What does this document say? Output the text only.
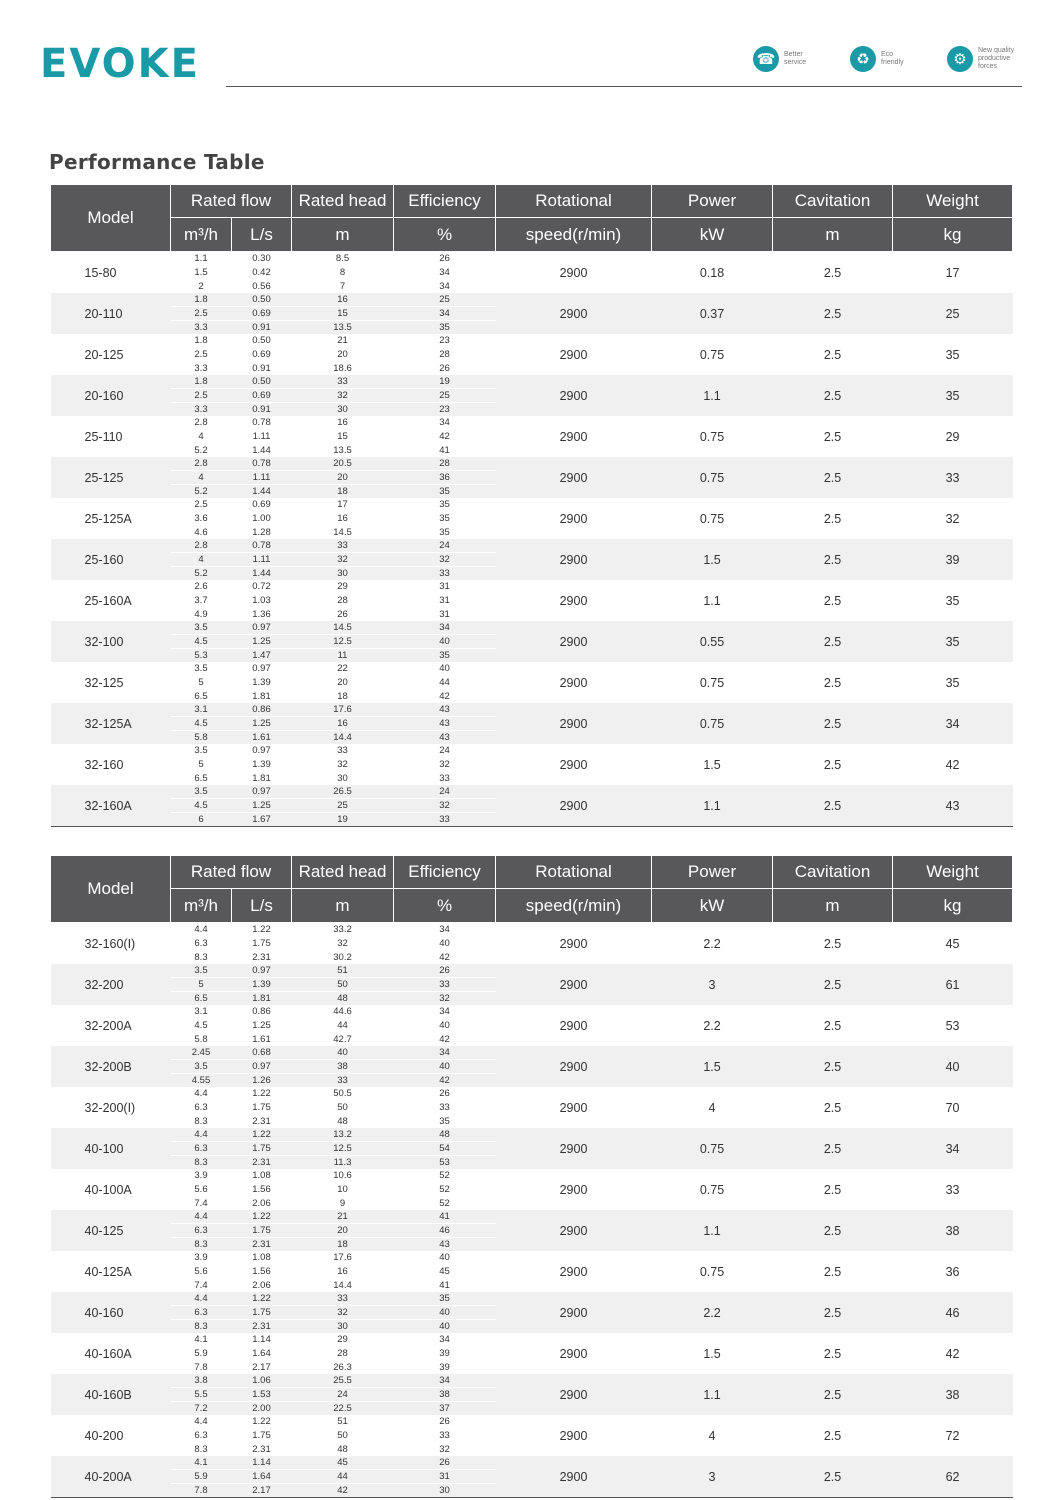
EVOKE	☎	Better
service	♻	Eco
friendly	⚙
New quality
productive
forces
Performance Table
Model	Rated flow		Rated head	Efficiency	Rotational	Power	Cavitation	Weight
	m³/h	L/s	m	%	speed(r/min)	kW	m	kg
15-80	1.1
1.5
2	0.30
0.42
0.56	8.5
8
7	26
34
34	2900	0.18	2.5	17
20-110	1.8
2.5
3.3	0.50
0.69
0.91	16
15
13.5	25
34
35	2900	0.37	2.5	25
20-125	1.8
2.5
3.3	0.50
0.69
0.91	21
20
18.6	23
28
26	2900	0.75	2.5	35
20-160	1.8
2.5
3.3	0.50
0.69
0.91	33
32
30	19
25
23	2900	1.1	2.5	35
25-110	2.8
4
5.2	0.78
1.11
1.44	16
15
13.5	34
42
41	2900	0.75	2.5	29
25-125	2.8
4
5.2	0.78
1.11
1.44	20.5
20
18	28
36
35	2900	0.75	2.5	33
25-125A	2.5
3.6
4.6	0.69
1.00
1.28	17
16
14.5	35
35
35	2900	0.75	2.5	32
25-160	2.8
4
5.2	0.78
1.11
1.44	33
32
30	24
32
33	2900	1.5	2.5	39
25-160A	2.6
3.7
4.9	0.72
1.03
1.36	29
28
26	31
31
31	2900	1.1	2.5	35
32-100	3.5
4.5
5.3	0.97
1.25
1.47	14.5
12.5
11	34
40
35	2900	0.55	2.5	35
32-125	3.5
5
6.5	0.97
1.39
1.81	22
20
18	40
44
42	2900	0.75	2.5	35
32-125A	3.1
4.5
5.8	0.86
1.25
1.61	17.6
16
14.4	43
43
43	2900	0.75	2.5	34
32-160	3.5
5
6.5	0.97
1.39
1.81	33
32
30	24
32
33	2900	1.5	2.5	42
32-160A	3.5
4.5
6	0.97
1.25
1.67	26.5
25
19	24
32
33	2900	1.1	2.5	43
Model	Rated flow		Rated head	Efficiency	Rotational	Power	Cavitation	Weight
	m³/h	L/s	m	%	speed(r/min)	kW	m	kg
32-160(I)	4.4
6.3
8.3	1.22
1.75
2.31	33.2
32
30.2	34
40
42	2900	2.2	2.5	45
32-200	3.5
5
6.5	0.97
1.39
1.81	51
50
48	26
33
32	2900	3	2.5	61
32-200A	3.1
4.5
5.8	0.86
1.25
1.61	44.6
44
42.7	34
40
42	2900	2.2	2.5	53
32-200B	2.45
3.5
4.55	0.68
0.97
1.26	40
38
33	34
40
42	2900	1.5	2.5	40
32-200(I)	4.4
6.3
8.3	1.22
1.75
2.31	50.5
50
48	26
33
35	2900	4	2.5	70
40-100	4.4
6.3
8.3	1.22
1.75
2.31	13.2
12.5
11.3	48
54
53	2900	0.75	2.5	34
40-100A	3.9
5.6
7.4	1.08
1.56
2.06	10.6
10
9	52
52
52	2900	0.75	2.5	33
40-125	4.4
6.3
8.3	1.22
1.75
2.31	21
20
18	41
46
43	2900	1.1	2.5	38
40-125A	3.9
5.6
7.4	1.08
1.56
2.06	17.6
16
14.4	40
45
41	2900	0.75	2.5	36
40-160	4.4
6.3
8.3	1.22
1.75
2.31	33
32
30	35
40
40	2900	2.2	2.5	46
40-160A	4.1
5.9
7.8	1.14
1.64
2.17	29
28
26.3	34
39
39	2900	1.5	2.5	42
40-160B	3.8
5.5
7.2	1.06
1.53
2.00	25.5
24
22.5	34
38
37	2900	1.1	2.5	38
40-200	4.4
6.3
8.3	1.22
1.75
2.31	51
50
48	26
33
32	2900	4	2.5	72
40-200A	4.1
5.9
7.8	1.14
1.64
2.17	45
44
42	26
31
30	2900	3	2.5	62
